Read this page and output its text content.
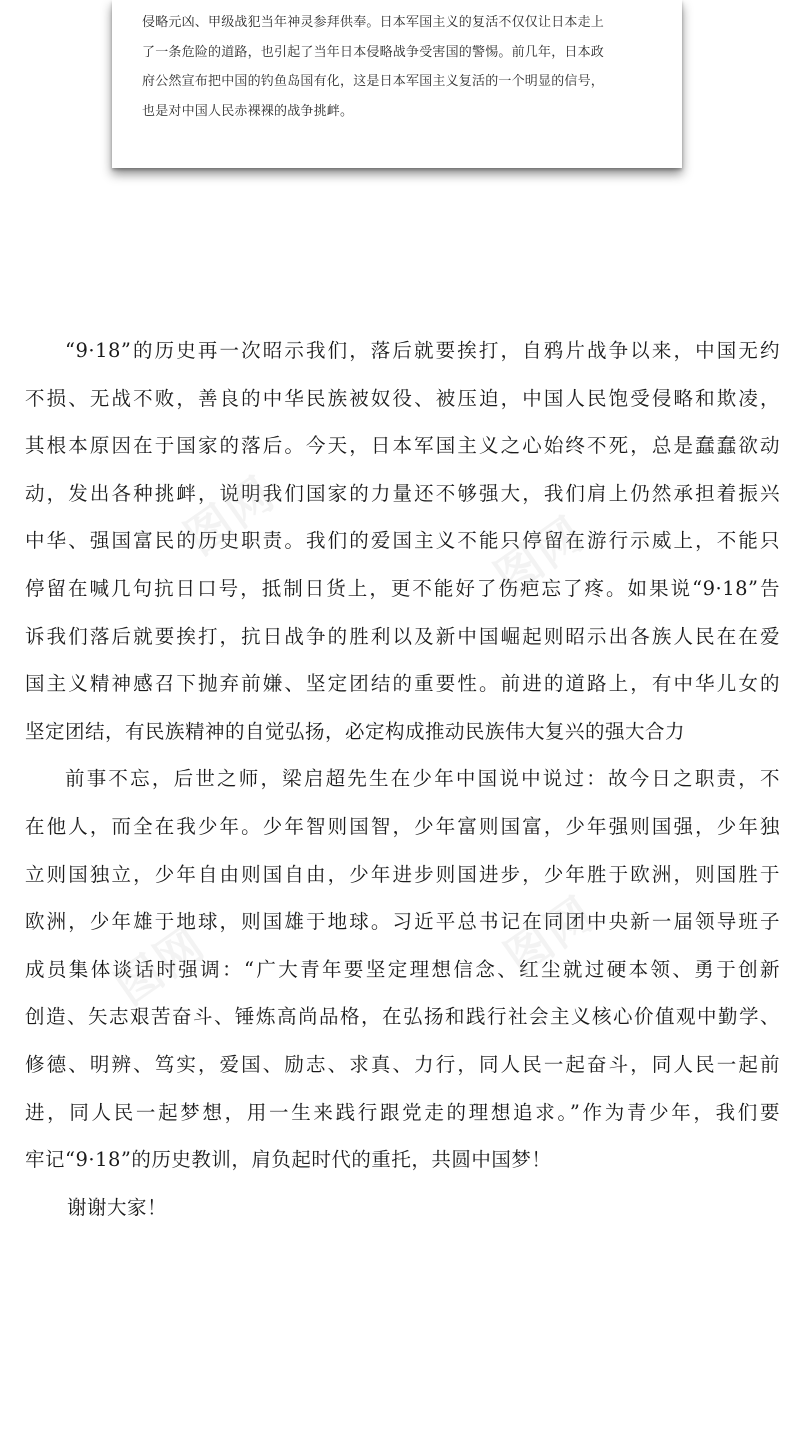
侵略元凶、甲级战犯当年神灵参拜供奉。日本军国主义的复活不仅仅让日本走上
了一条危险的道路，也引起了当年日本侵略战争受害国的警惕。前几年，日本政
府公然宣布把中国的钓鱼岛国有化，这是日本军国主义复活的一个明显的信号，
也是对中国人民赤裸裸的战争挑衅。
“9·18”的历史再一次昭示我们，落后就要挨打，自鸦片战争以来，中国无约
不损、无战不败，善良的中华民族被奴役、被压迫，中国人民饱受侵略和欺凌，
其根本原因在于国家的落后。今天，日本军国主义之心始终不死，总是蠢蠢欲动
动，发出各种挑衅，说明我们国家的力量还不够强大，我们肩上仍然承担着振兴
中华、强国富民的历史职责。我们的爱国主义不能只停留在游行示威上，不能只
停留在喊几句抗日口号，抵制日货上，更不能好了伤疤忘了疼。如果说“9·18”告
诉我们落后就要挨打，抗日战争的胜利以及新中国崛起则昭示出各族人民在在爱
国主义精神感召下抛弃前嫌、坚定团结的重要性。前进的道路上，有中华儿女的
坚定团结，有民族精神的自觉弘扬，必定构成推动民族伟大复兴的强大合力
前事不忘，后世之师，梁启超先生在少年中国说中说过：故今日之职责，不
在他人，而全在我少年。少年智则国智，少年富则国富，少年强则国强，少年独
立则国独立，少年自由则国自由，少年进步则国进步，少年胜于欧洲，则国胜于
欧洲，少年雄于地球，则国雄于地球。习近平总书记在同团中央新一届领导班子
成员集体谈话时强调：“广大青年要坚定理想信念、红尘就过硬本领、勇于创新
创造、矢志艰苦奋斗、锤炼高尚品格，在弘扬和践行社会主义核心价值观中勤学、
修德、明辨、笃实，爱国、励志、求真、力行，同人民一起奋斗，同人民一起前
进，同人民一起梦想，用一生来践行跟党走的理想追求。”作为青少年，我们要
牢记“9·18”的历史教训，肩负起时代的重托，共圆中国梦！
谢谢大家！
图网	图网
图网	图网
